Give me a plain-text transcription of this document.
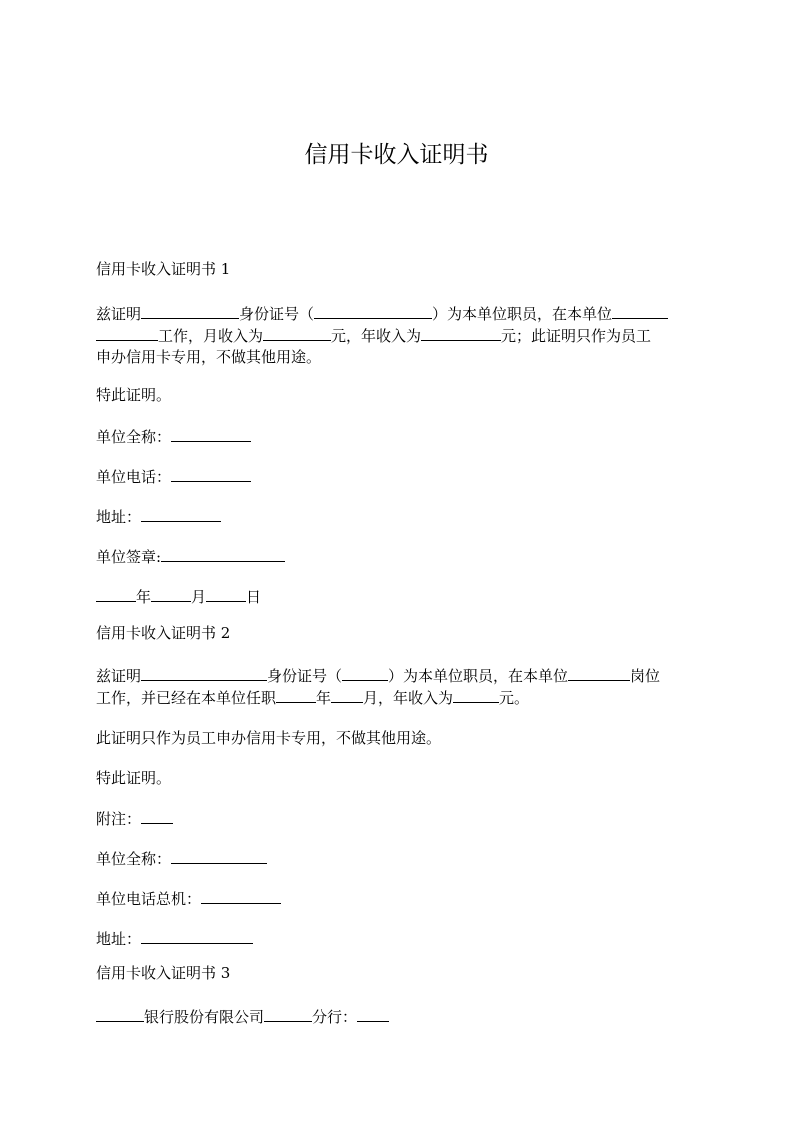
信用卡收入证明书
信用卡收入证明书 1
兹证明	身份证号（	）为本单位职员，在本单位
工作，月收入为	元，年收入为	元；此证明只作为员工
申办信用卡专用，不做其他用途。
特此证明。
单位全称：
单位电话：
地址：
单位签章:
年	月	日
信用卡收入证明书 2
兹证明	身份证号（	）为本单位职员，在本单位	岗位
工作，并已经在本单位任职	年 月，年收入为	元。
此证明只作为员工申办信用卡专用，不做其他用途。
特此证明。
附注：
单位全称：
单位电话总机：
地址：
信用卡收入证明书 3
银行股份有限公司	分行：
